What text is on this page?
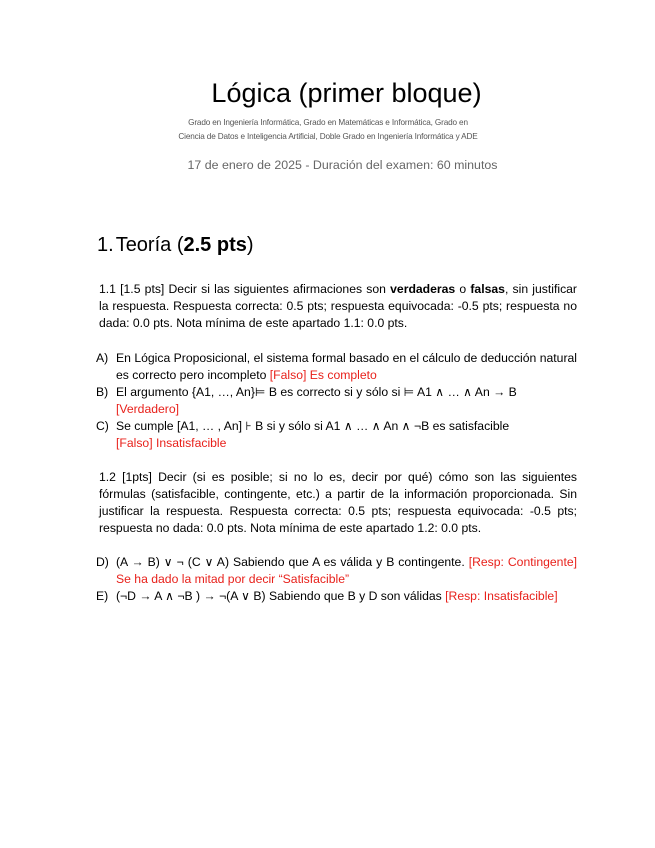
Lógica (primer bloque)
Grado en Ingeniería Informática, Grado en Matemáticas e Informática, Grado en
Ciencia de Datos e Inteligencia Artificial, Doble Grado en Ingeniería Informática y ADE
17 de enero de 2025 - Duración del examen: 60 minutos
1. Teoría (2.5 pts)
1.1 [1.5 pts] Decir si las siguientes afirmaciones son verdaderas o falsas, sin justificar la respuesta. Respuesta correcta: 0.5 pts; respuesta equivocada: -0.5 pts; respuesta no dada: 0.0 pts. Nota mínima de este apartado 1.1: 0.0 pts.
A) En Lógica Proposicional, el sistema formal basado en el cálculo de deducción natural es correcto pero incompleto [Falso] Es completo
B) El argumento {A1, …, An}⊨ B es correcto si y sólo si ⊨ A1 ∧ … ∧ An → B
[Verdadero]
C) Se cumple [A1, … , An] ⊦ B si y sólo si A1 ∧ … ∧ An ∧ ¬B es satisfacible
[Falso] Insatisfacible
1.2 [1pts] Decir (si es posible; si no lo es, decir por qué) cómo son las siguientes fórmulas (satisfacible, contingente, etc.) a partir de la información proporcionada. Sin justificar la respuesta. Respuesta correcta: 0.5 pts; respuesta equivocada: -0.5 pts; respuesta no dada: 0.0 pts. Nota mínima de este apartado 1.2: 0.0 pts.
D) (A → B) ∨ ¬ (C ∨ A) Sabiendo que A es válida y B contingente. [Resp: Contingente] Se ha dado la mitad por decir “Satisfacible”
E) (¬D → A ∧ ¬B ) → ¬(A ∨ B) Sabiendo que B y D son válidas [Resp: Insatisfacible]
